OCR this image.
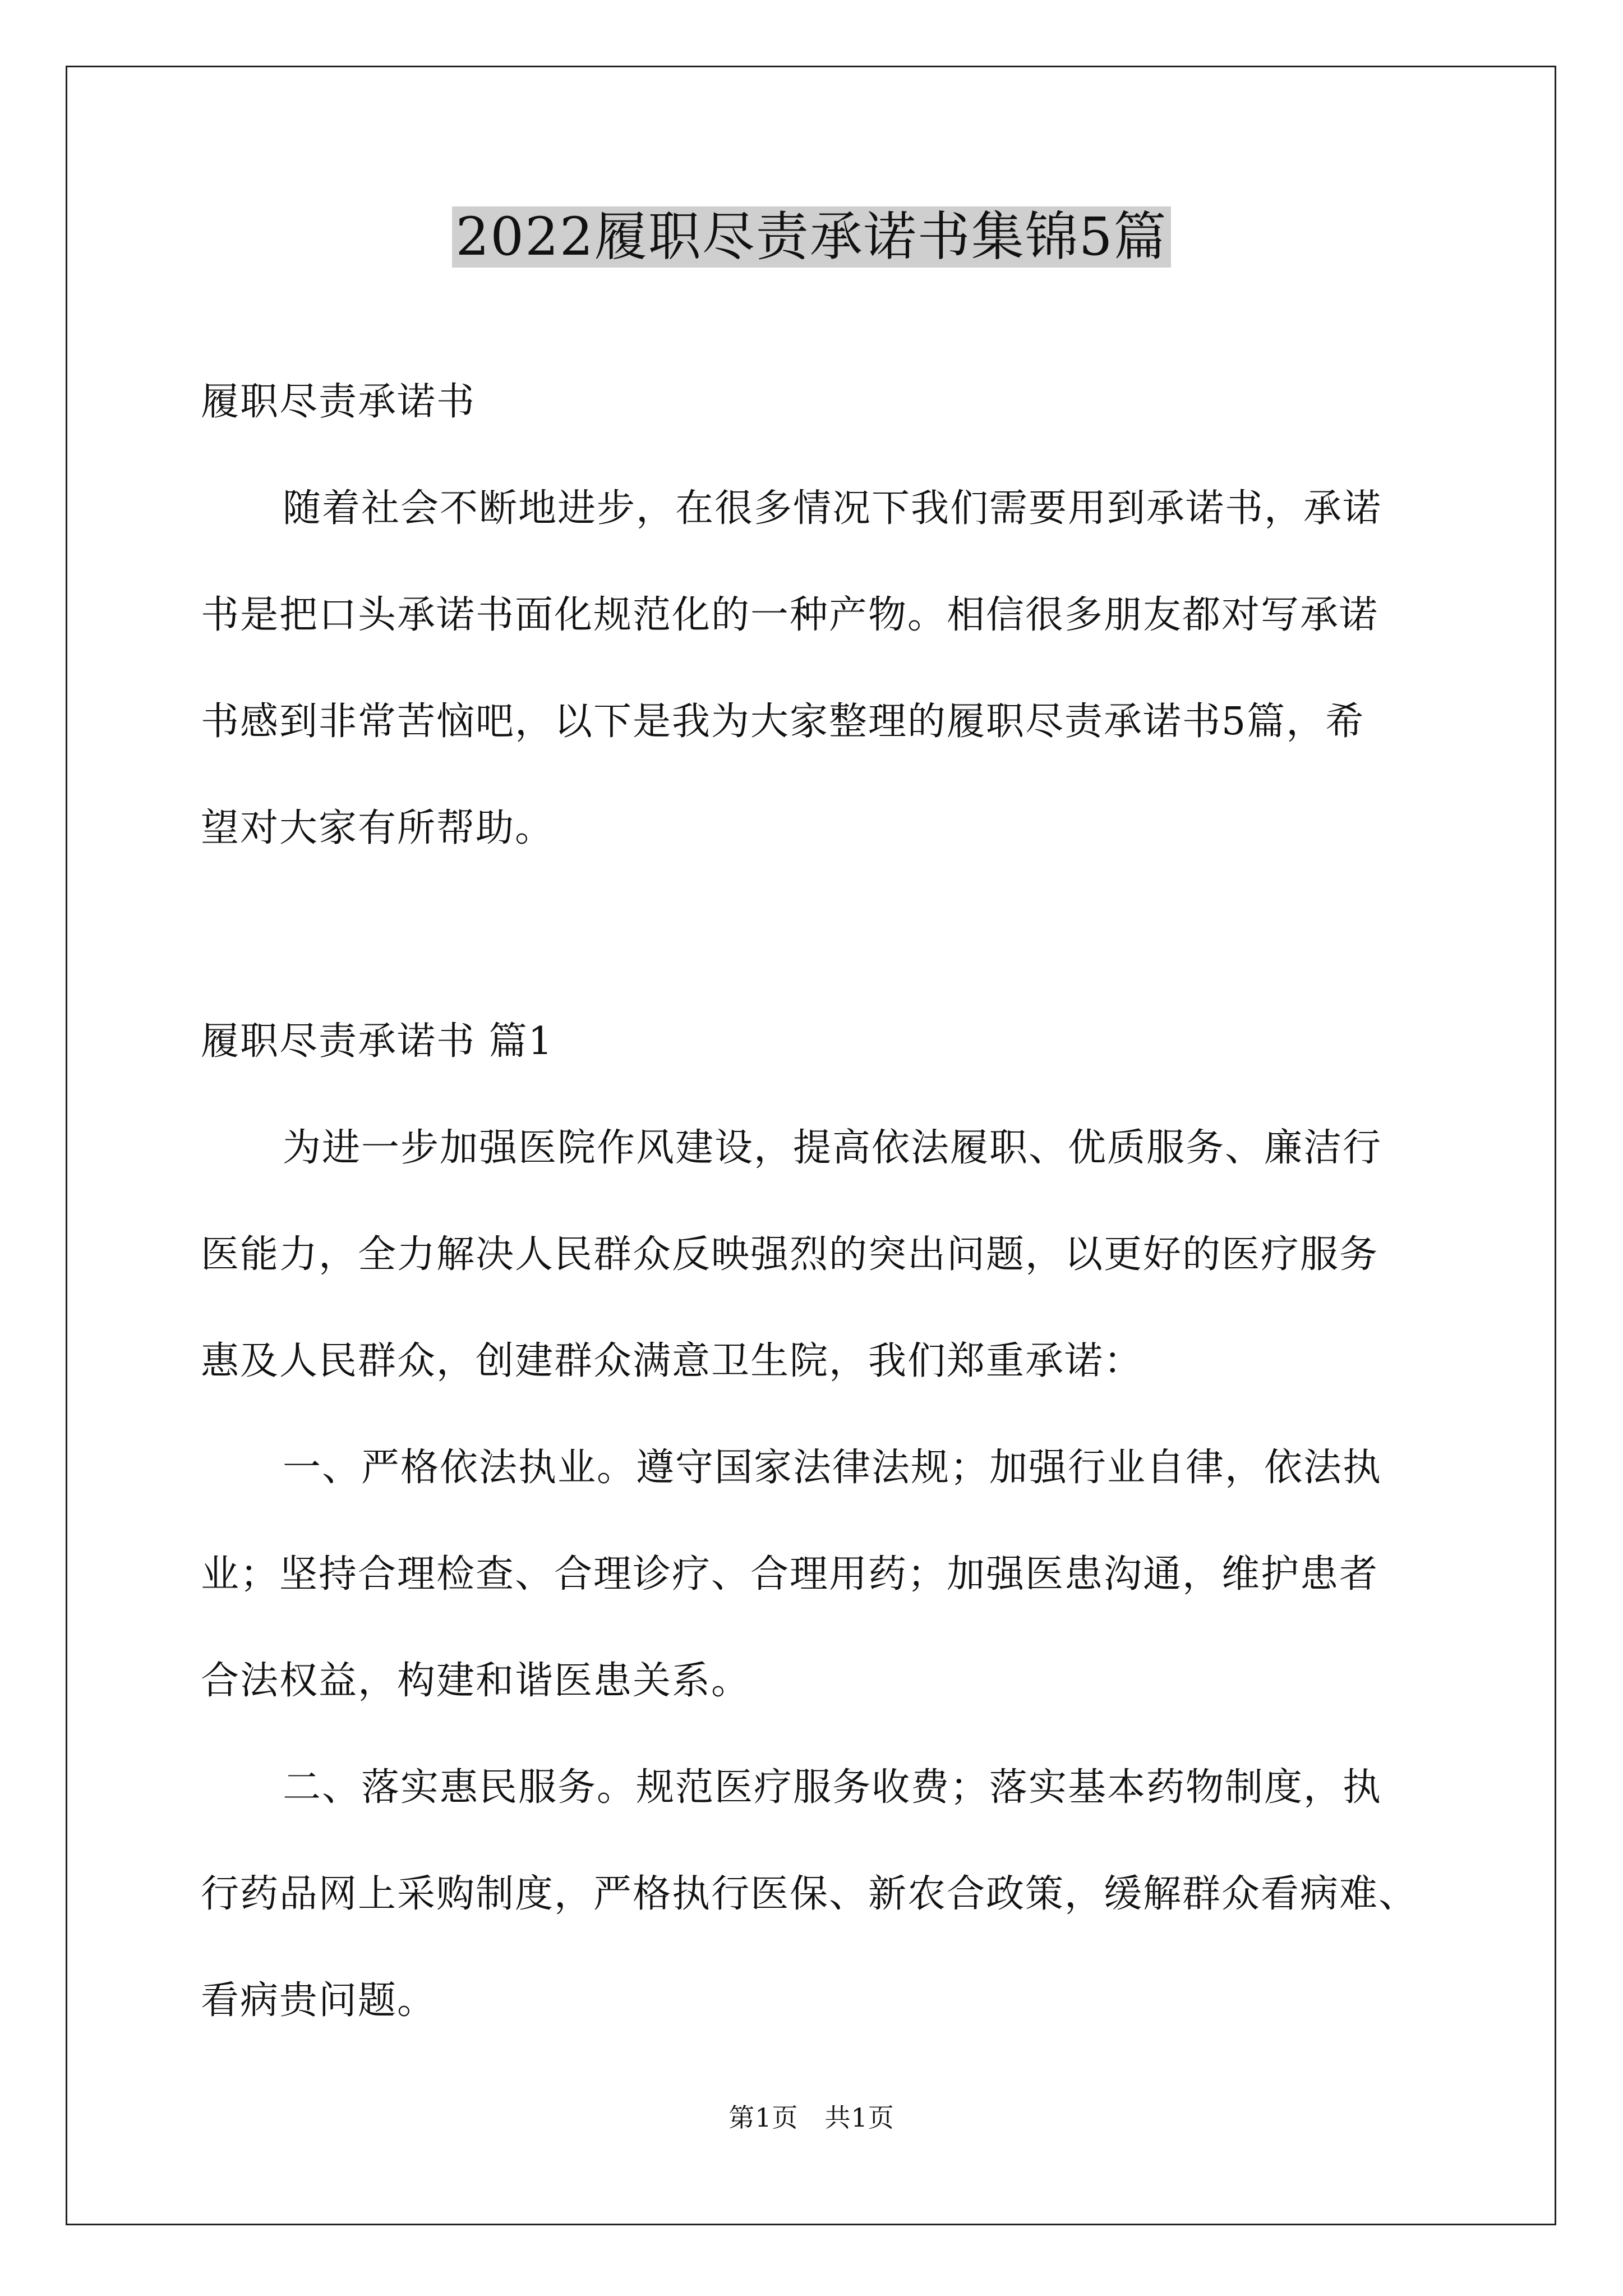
2022履职尽责承诺书集锦5篇
履职尽责承诺书
随着社会不断地进步，在很多情况下我们需要用到承诺书，承诺
书是把口头承诺书面化规范化的一种产物。相信很多朋友都对写承诺
书感到非常苦恼吧，以下是我为大家整理的履职尽责承诺书5篇，希
望对大家有所帮助。
履职尽责承诺书 篇1
为进一步加强医院作风建设，提高依法履职、优质服务、廉洁行
医能力，全力解决人民群众反映强烈的突出问题，以更好的医疗服务
惠及人民群众，创建群众满意卫生院，我们郑重承诺：
一、严格依法执业。遵守国家法律法规；加强行业自律，依法执
业；坚持合理检查、合理诊疗、合理用药；加强医患沟通，维护患者
合法权益，构建和谐医患关系。
二、落实惠民服务。规范医疗服务收费；落实基本药物制度，执
行药品网上采购制度，严格执行医保、新农合政策，缓解群众看病难、
看病贵问题。
第1页　共1页
